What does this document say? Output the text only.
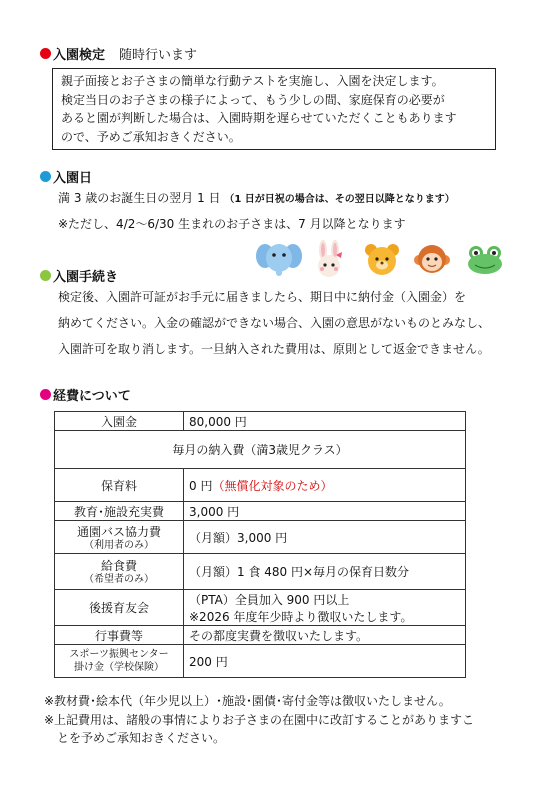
入園検定 随時行います
親子面接とお子さまの簡単な行動テストを実施し、入園を決定します。
検定当日のお子さまの様子によって、もう少しの間、家庭保育の必要が
あると園が判断した場合は、入園時期を遅らせていただくこともあります
ので、予めご承知おきください。
入園日
満 3 歳のお誕生日の翌月 1 日 （1 日が日祝の場合は、その翌日以降となります）
※ただし、4/2～6/30 生まれのお子さまは、7 月以降となります
入園手続き
検定後、入園許可証がお手元に届きましたら、期日中に納付金（入園金）を
納めてください。入金の確認ができない場合、入園の意思がないものとみなし、
入園許可を取り消します。一旦納入された費用は、原則として返金できません。
経費について
入園金	80,000 円
毎月の納入費（満3歳児クラス）	
保育料	0 円（無償化対象のため）
教育･施設充実費	3,000 円
通園バス協力費
（利用者のみ）	（月額）3,000 円
給食費
（希望者のみ）	（月額）1 食 480 円×毎月の保育日数分
後援育友会	（PTA）全員加入 900 円以上
※2026 年度年少時より徴収いたします。

行事費等	その都度実費を徴収いたします。

スポーツ振興センター
掛け金（学校保険）	200 円
※教材費･絵本代（年少児以上）･施設･園債･寄付金等は徴収いたしません。
※上記費用は、諸般の事情によりお子さまの在園中に改訂することがありますこ
とを予めご承知おきください。
